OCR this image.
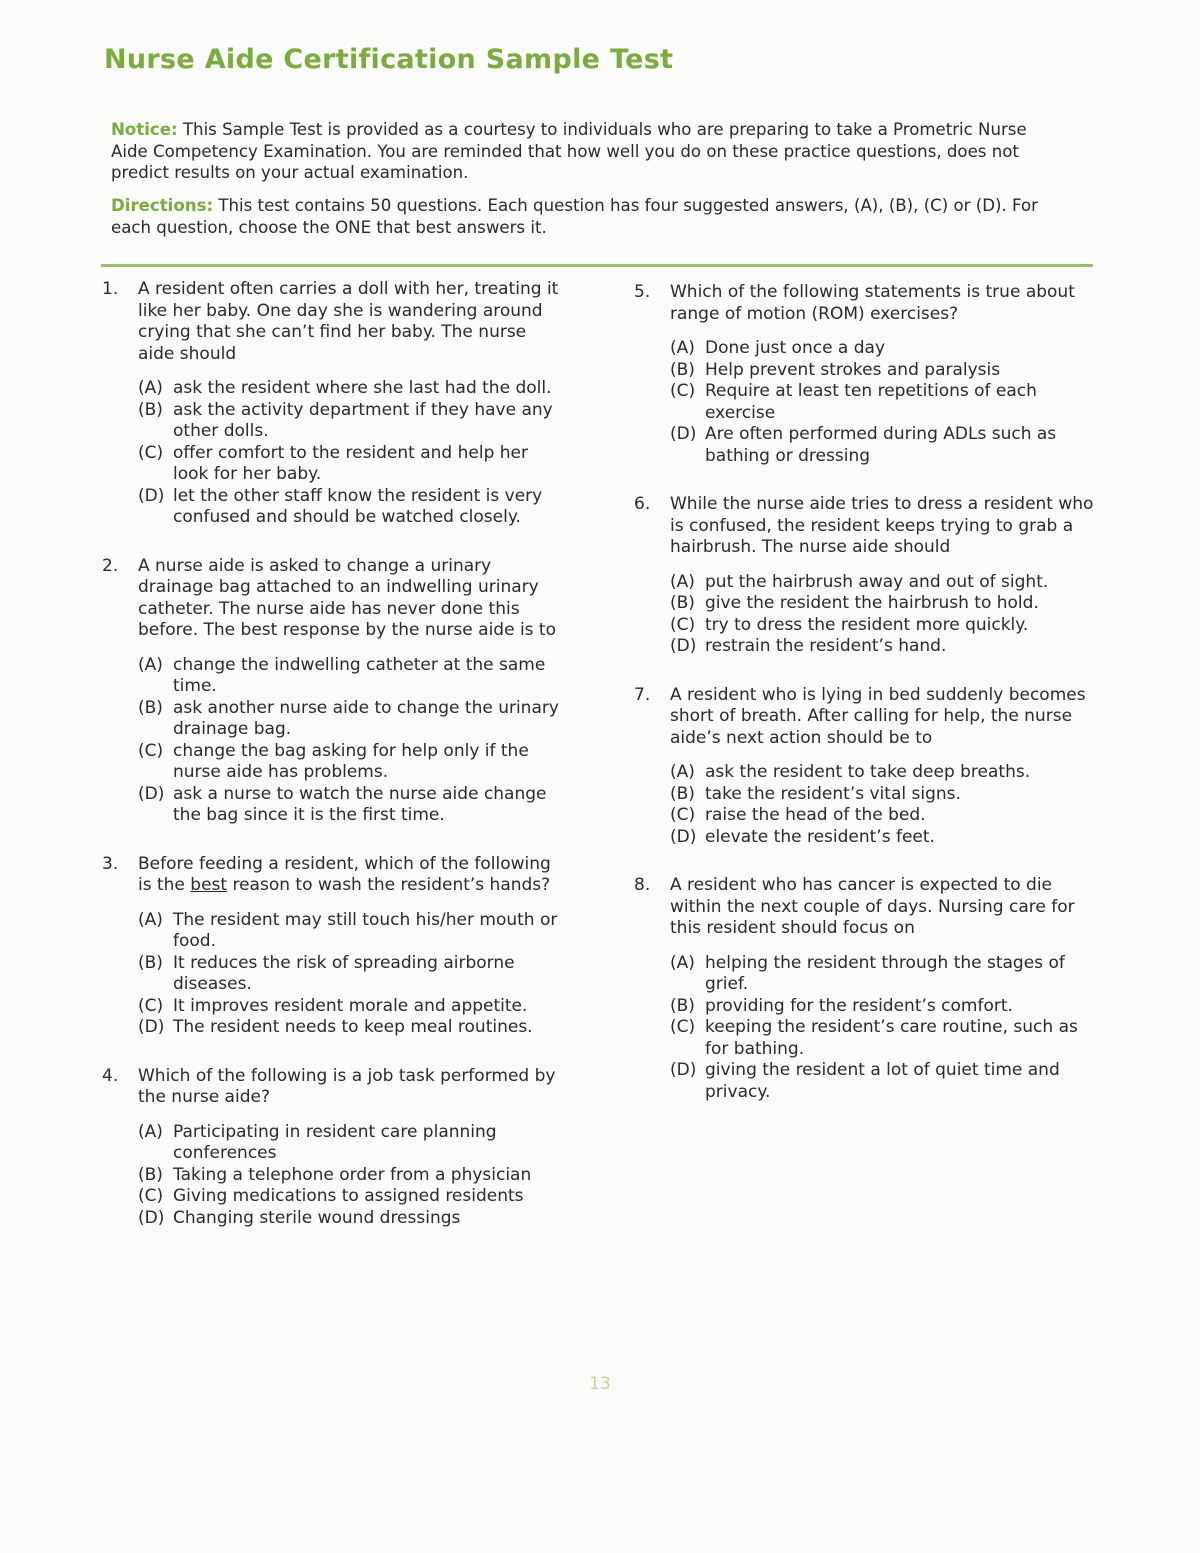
Nurse Aide Certification Sample Test
Notice: This Sample Test is provided as a courtesy to individuals who are preparing to take a Prometric Nurse Aide Competency Examination. You are reminded that how well you do on these practice questions, does not predict results on your actual examination.
Directions: This test contains 50 questions. Each question has four suggested answers, (A), (B), (C) or (D). For each question, choose the ONE that best answers it.
1. A resident often carries a doll with her, treating it like her baby. One day she is wandering around crying that she can’t find her baby. The nurse aide should
(A) ask the resident where she last had the doll.
(B) ask the activity department if they have any other dolls.
(C) offer comfort to the resident and help her look for her baby.
(D) let the other staff know the resident is very confused and should be watched closely.
2. A nurse aide is asked to change a urinary drainage bag attached to an indwelling urinary catheter. The nurse aide has never done this before. The best response by the nurse aide is to
(A) change the indwelling catheter at the same time.
(B) ask another nurse aide to change the urinary drainage bag.
(C) change the bag asking for help only if the nurse aide has problems.
(D) ask a nurse to watch the nurse aide change the bag since it is the first time.
3. Before feeding a resident, which of the following is the best reason to wash the resident’s hands?
(A) The resident may still touch his/her mouth or food.
(B) It reduces the risk of spreading airborne diseases.
(C) It improves resident morale and appetite.
(D) The resident needs to keep meal routines.
4. Which of the following is a job task performed by the nurse aide?
(A) Participating in resident care planning conferences
(B) Taking a telephone order from a physician
(C) Giving medications to assigned residents
(D) Changing sterile wound dressings
5. Which of the following statements is true about range of motion (ROM) exercises?
(A) Done just once a day
(B) Help prevent strokes and paralysis
(C) Require at least ten repetitions of each exercise
(D) Are often performed during ADLs such as bathing or dressing
6. While the nurse aide tries to dress a resident who is confused, the resident keeps trying to grab a hairbrush. The nurse aide should
(A) put the hairbrush away and out of sight.
(B) give the resident the hairbrush to hold.
(C) try to dress the resident more quickly.
(D) restrain the resident’s hand.
7. A resident who is lying in bed suddenly becomes short of breath. After calling for help, the nurse aide’s next action should be to
(A) ask the resident to take deep breaths.
(B) take the resident’s vital signs.
(C) raise the head of the bed.
(D) elevate the resident’s feet.
8. A resident who has cancer is expected to die within the next couple of days. Nursing care for this resident should focus on
(A) helping the resident through the stages of grief.
(B) providing for the resident’s comfort.
(C) keeping the resident’s care routine, such as for bathing.
(D) giving the resident a lot of quiet time and privacy.
13
